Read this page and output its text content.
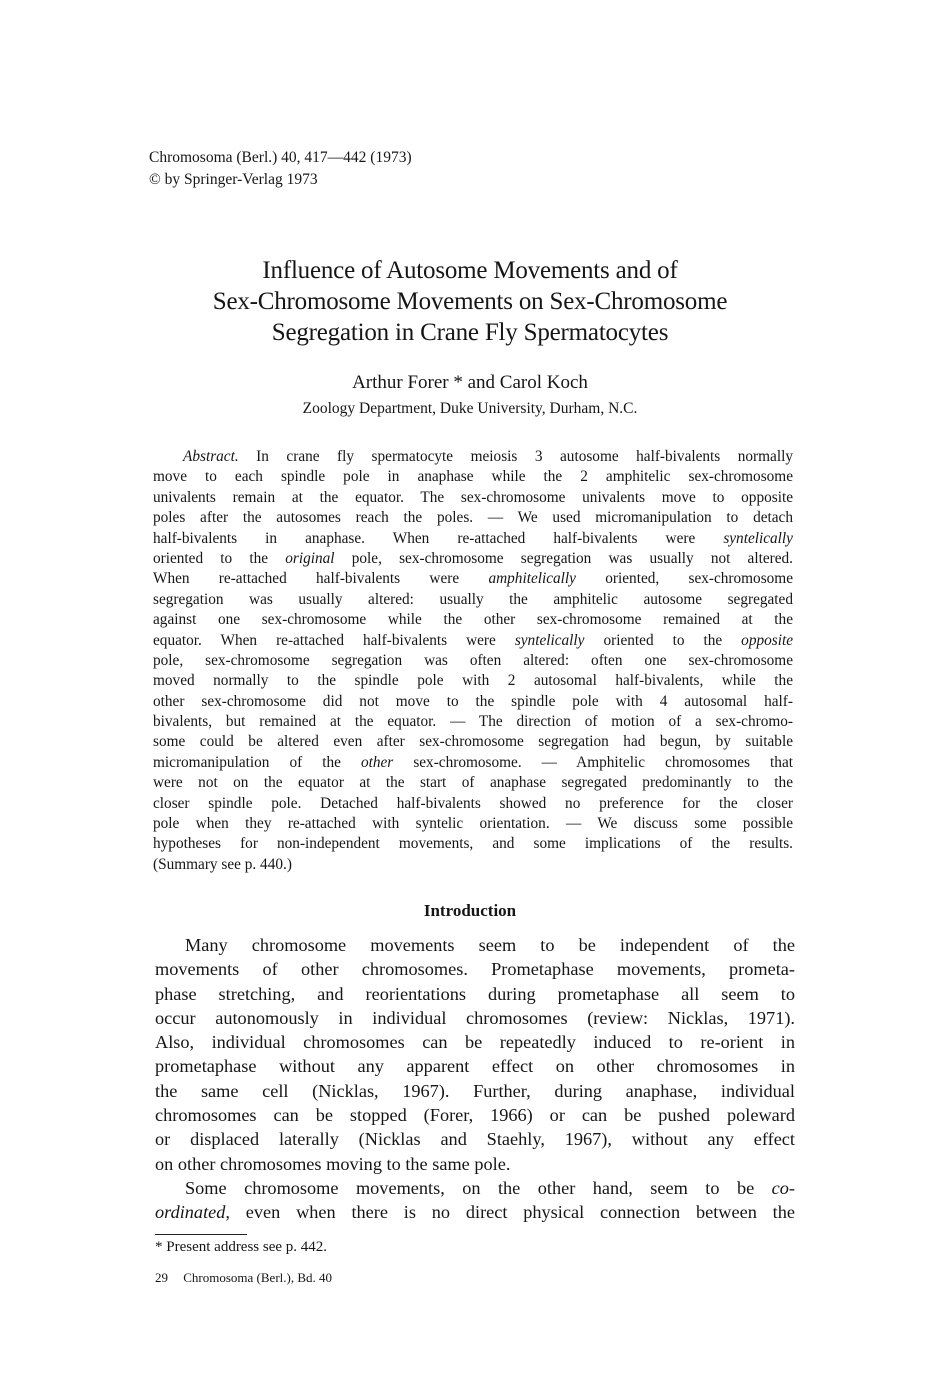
Chromosoma (Berl.) 40, 417—442 (1973)
© by Springer-Verlag 1973
Influence of Autosome Movements and of
Sex-Chromosome Movements on Sex-Chromosome
Segregation in Crane Fly Spermatocytes
Arthur Forer * and Carol Koch
Zoology Department, Duke University, Durham, N.C.
Abstract. In crane fly spermatocyte meiosis 3 autosome half-bivalents normally
move to each spindle pole in anaphase while the 2 amphitelic sex-chromosome
univalents remain at the equator. The sex-chromosome univalents move to opposite
poles after the autosomes reach the poles. — We used micromanipulation to detach
half-bivalents in anaphase. When re-attached half-bivalents were syntelically
oriented to the original pole, sex-chromosome segregation was usually not altered.
When re-attached half-bivalents were amphitelically oriented, sex-chromosome
segregation was usually altered: usually the amphitelic autosome segregated
against one sex-chromosome while the other sex-chromosome remained at the
equator. When re-attached half-bivalents were syntelically oriented to the opposite
pole, sex-chromosome segregation was often altered: often one sex-chromosome
moved normally to the spindle pole with 2 autosomal half-bivalents, while the
other sex-chromosome did not move to the spindle pole with 4 autosomal half-
bivalents, but remained at the equator. — The direction of motion of a sex-chromo-
some could be altered even after sex-chromosome segregation had begun, by suitable
micromanipulation of the other sex-chromosome. — Amphitelic chromosomes that
were not on the equator at the start of anaphase segregated predominantly to the
closer spindle pole. Detached half-bivalents showed no preference for the closer
pole when they re-attached with syntelic orientation. — We discuss some possible
hypotheses for non-independent movements, and some implications of the results.
(Summary see p. 440.)
Introduction
Many chromosome movements seem to be independent of the
movements of other chromosomes. Prometaphase movements, prometa-
phase stretching, and reorientations during prometaphase all seem to
occur autonomously in individual chromosomes (review: Nicklas, 1971).
Also, individual chromosomes can be repeatedly induced to re-orient in
prometaphase without any apparent effect on other chromosomes in
the same cell (Nicklas, 1967). Further, during anaphase, individual
chromosomes can be stopped (Forer, 1966) or can be pushed poleward
or displaced laterally (Nicklas and Staehly, 1967), without any effect
on other chromosomes moving to the same pole.
Some chromosome movements, on the other hand, seem to be co-
ordinated, even when there is no direct physical connection between the
* Present address see p. 442.
29 Chromosoma (Berl.), Bd. 40
